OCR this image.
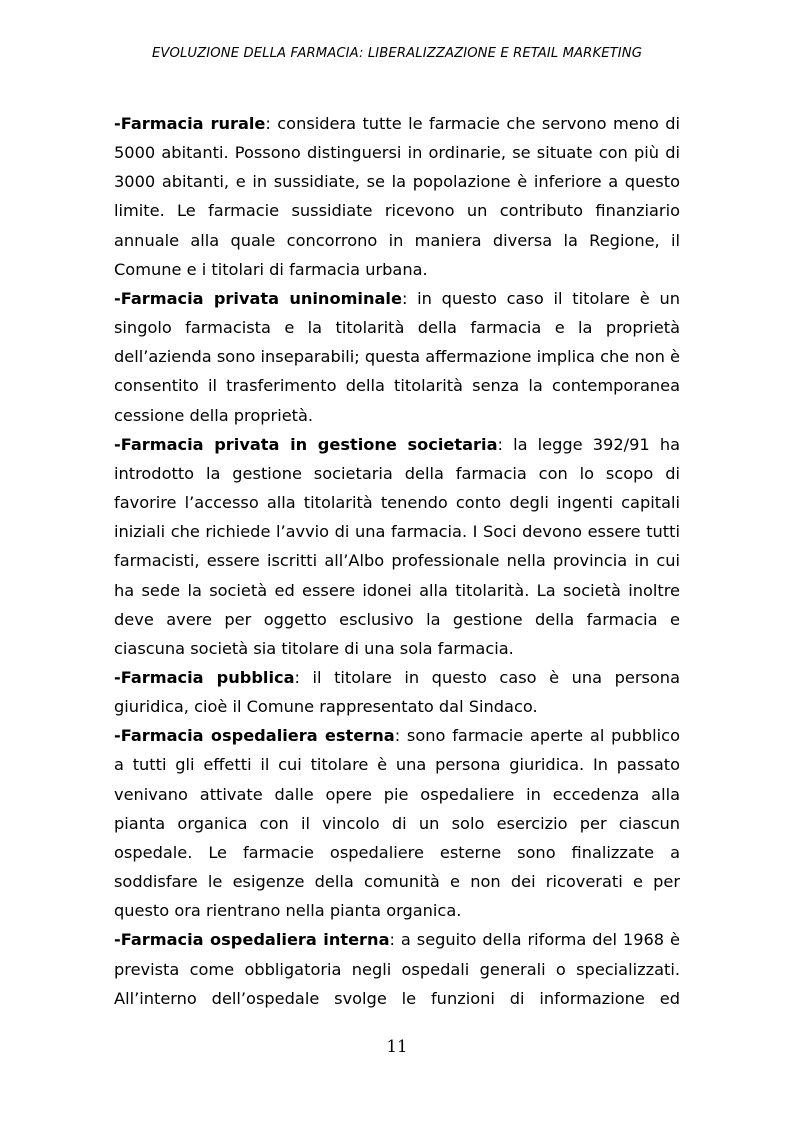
EVOLUZIONE DELLA FARMACIA: LIBERALIZZAZIONE E RETAIL MARKETING

-Farmacia rurale: considera tutte le farmacie che servono meno di 5000 abitanti. Possono distinguersi in ordinarie, se situate con più di 3000 abitanti, e in sussidiate, se la popolazione è inferiore a questo limite. Le farmacie sussidiate ricevono un contributo finanziario annuale alla quale concorrono in maniera diversa la Regione, il Comune e i titolari di farmacia urbana.

-Farmacia privata uninominale: in questo caso il titolare è un singolo farmacista e la titolarità della farmacia e la proprietà dell’azienda sono inseparabili; questa affermazione implica che non è consentito il trasferimento della titolarità senza la contemporanea cessione della proprietà.

-Farmacia privata in gestione societaria: la legge 392/91 ha introdotto la gestione societaria della farmacia con lo scopo di favorire l’accesso alla titolarità tenendo conto degli ingenti capitali iniziali che richiede l’avvio di una farmacia. I Soci devono essere tutti farmacisti, essere iscritti all’Albo professionale nella provincia in cui ha sede la società ed essere idonei alla titolarità. La società inoltre deve avere per oggetto esclusivo la gestione della farmacia e ciascuna società sia titolare di una sola farmacia.

-Farmacia pubblica: il titolare in questo caso è una persona giuridica, cioè il Comune rappresentato dal Sindaco.

-Farmacia ospedaliera esterna: sono farmacie aperte al pubblico a tutti gli effetti il cui titolare è una persona giuridica. In passato venivano attivate dalle opere pie ospedaliere in eccedenza alla pianta organica con il vincolo di un solo esercizio per ciascun ospedale. Le farmacie ospedaliere esterne sono finalizzate a soddisfare le esigenze della comunità e non dei ricoverati e per questo ora rientrano nella pianta organica.

-Farmacia ospedaliera interna: a seguito della riforma del 1968 è prevista come obbligatoria negli ospedali generali o specializzati. All’interno dell’ospedale svolge le funzioni di informazione ed

11
